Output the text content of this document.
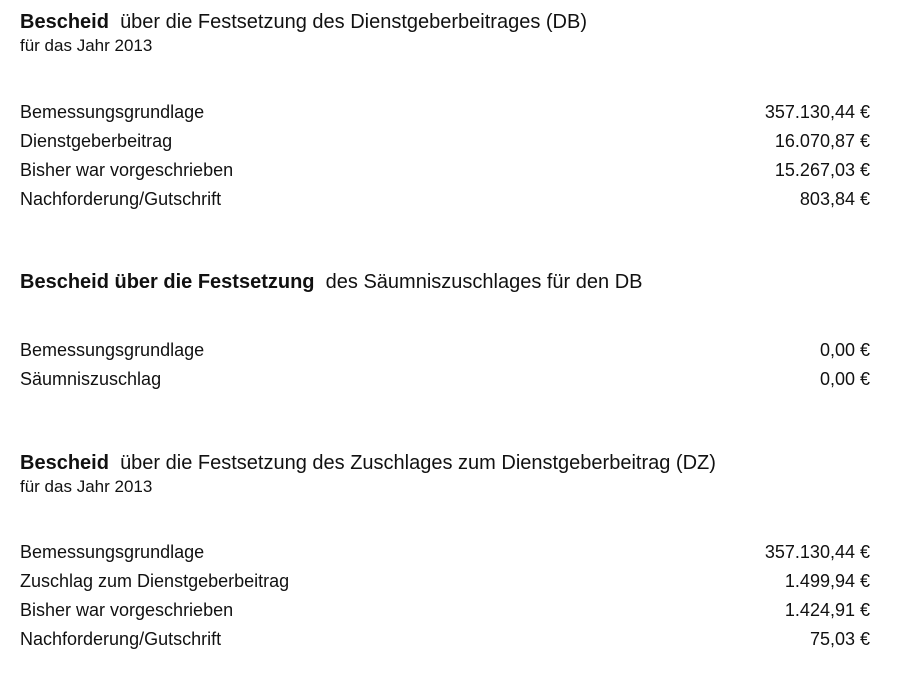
Bescheid über die Festsetzung des Dienstgeberbeitrages (DB)
für das Jahr 2013
Bemessungsgrundlage	357.130,44 €
Dienstgeberbeitrag	16.070,87 €
Bisher war vorgeschrieben	15.267,03 €
Nachforderung/Gutschrift	803,84 €
Bescheid über die Festsetzung des Säumniszuschlages für den DB
Bemessungsgrundlage	0,00 €
Säumniszuschlag	0,00 €
Bescheid über die Festsetzung des Zuschlages zum Dienstgeberbeitrag (DZ)
für das Jahr 2013
Bemessungsgrundlage	357.130,44 €
Zuschlag zum Dienstgeberbeitrag	1.499,94 €
Bisher war vorgeschrieben	1.424,91 €
Nachforderung/Gutschrift	75,03 €
